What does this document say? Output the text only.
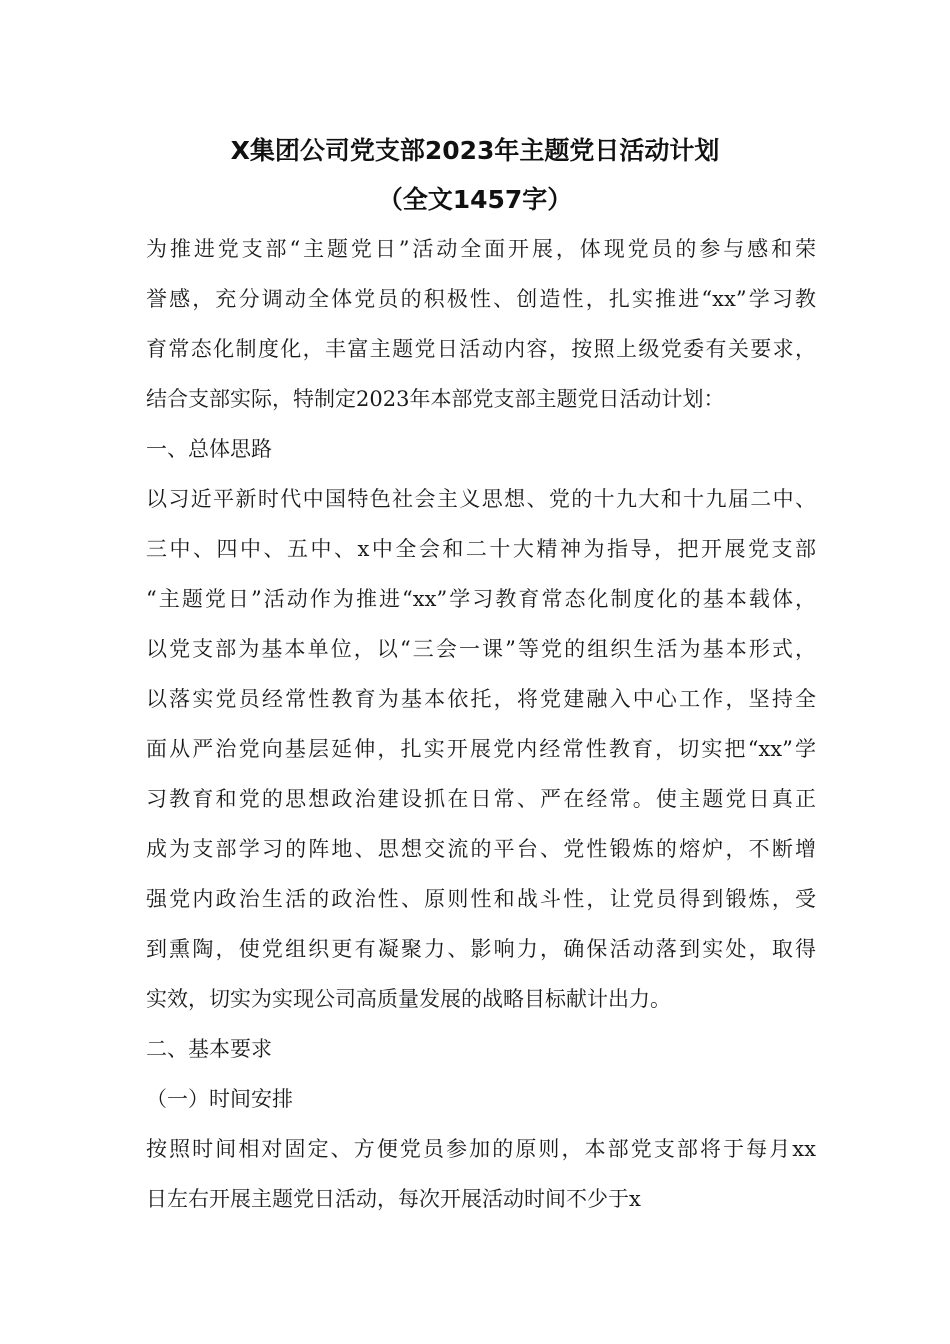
X集团公司党支部2023年主题党日活动计划
（全文1457字）
为推进党支部“主题党日”活动全面开展，体现党员的参与感和荣
誉感，充分调动全体党员的积极性、创造性，扎实推进“xx”学习教
育常态化制度化，丰富主题党日活动内容，按照上级党委有关要求，
结合支部实际，特制定2023年本部党支部主题党日活动计划：
一、总体思路
以习近平新时代中国特色社会主义思想、党的十九大和十九届二中、
三中、四中、五中、x中全会和二十大精神为指导，把开展党支部
“主题党日”活动作为推进“xx”学习教育常态化制度化的基本载体，
以党支部为基本单位，以“三会一课”等党的组织生活为基本形式，
以落实党员经常性教育为基本依托，将党建融入中心工作，坚持全
面从严治党向基层延伸，扎实开展党内经常性教育，切实把“xx”学
习教育和党的思想政治建设抓在日常、严在经常。使主题党日真正
成为支部学习的阵地、思想交流的平台、党性锻炼的熔炉，不断增
强党内政治生活的政治性、原则性和战斗性，让党员得到锻炼，受
到熏陶，使党组织更有凝聚力、影响力，确保活动落到实处，取得
实效，切实为实现公司高质量发展的战略目标献计出力。
二、基本要求
（一）时间安排
按照时间相对固定、方便党员参加的原则，本部党支部将于每月xx
日左右开展主题党日活动，每次开展活动时间不少于x
